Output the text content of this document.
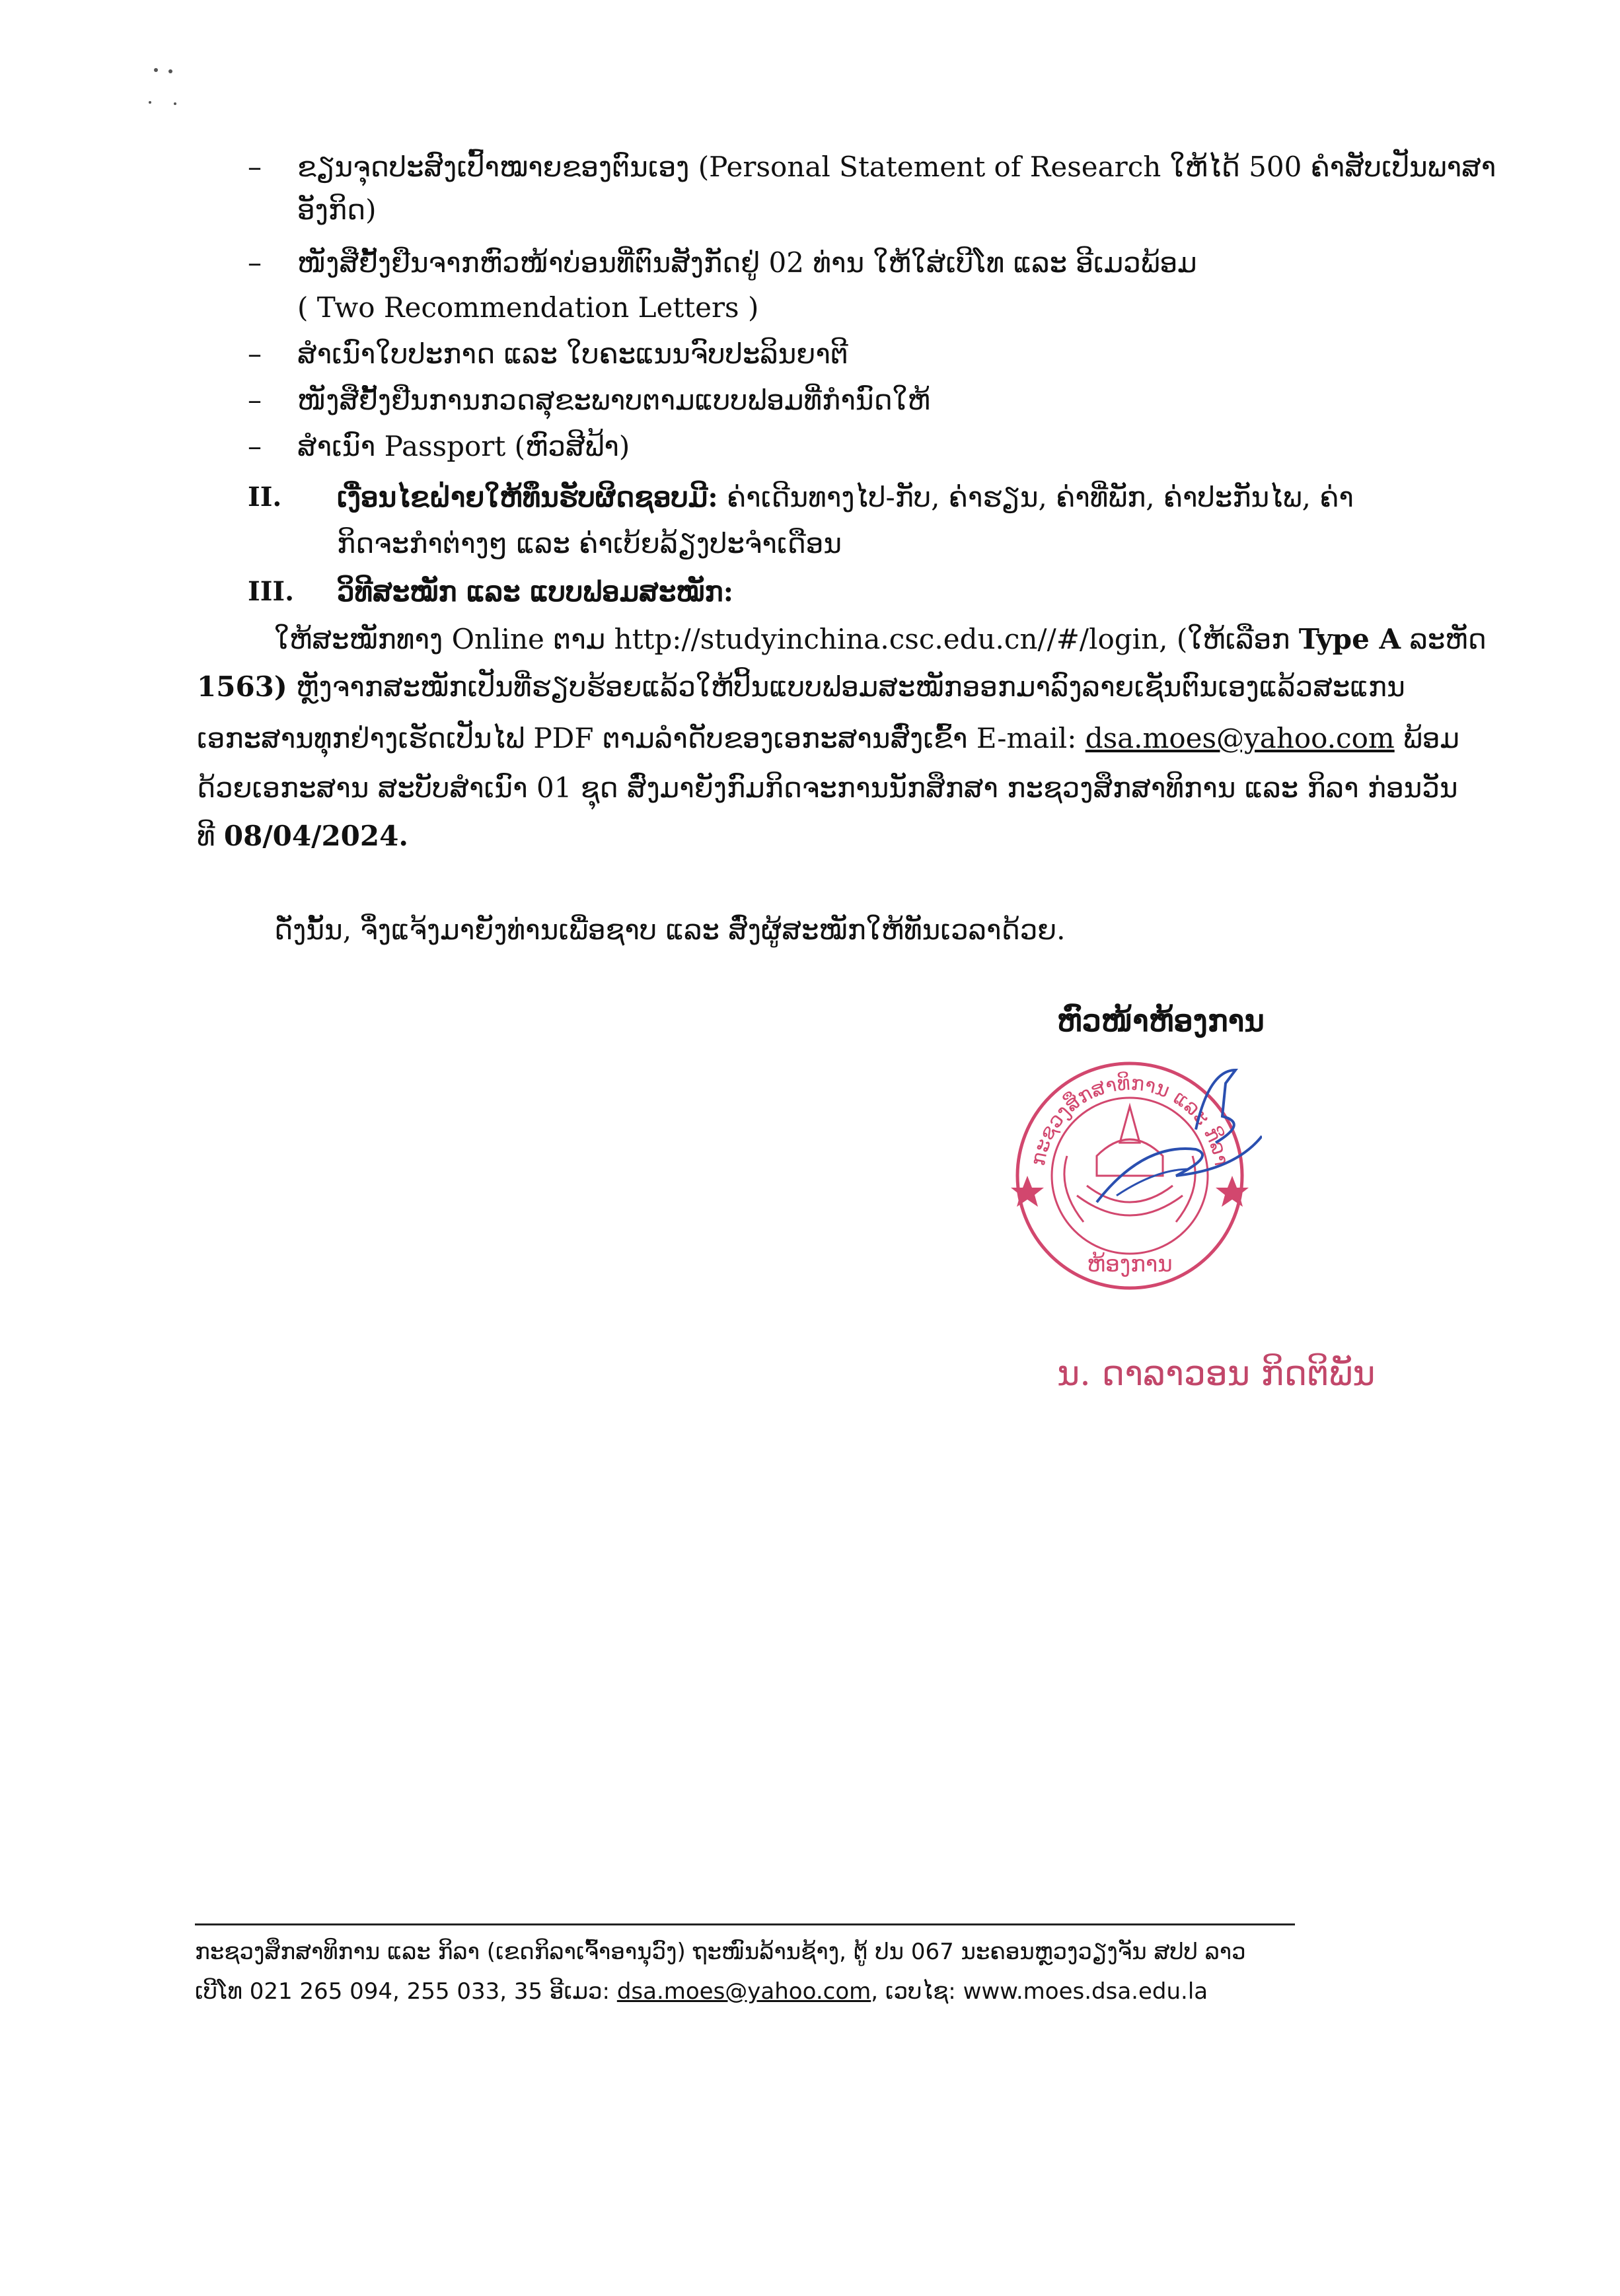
– ຂຽນຈຸດປະສົງເປົ້າໝາຍຂອງຕົນເອງ (Personal Statement of Research ໃຫ້ໄດ້ 500 ຄໍາສັບເປັນພາສາ
ອັງກິດ)
– ໜັງສືຢັ້ງຢືນຈາກຫົວໜ້າບ່ອນທີ່ຕົນສັງກັດຢູ່ 02 ທ່ານ ໃຫ້ໃສ່ເບີໂທ ແລະ ອີເມວພ້ອມ
( Two Recommendation Letters )
– ສໍາເນົາໃບປະກາດ ແລະ ໃບຄະແນນຈົບປະລິນຍາຕີ
– ໜັງສືຢັ້ງຢືນການກວດສຸຂະພາບຕາມແບບຟອມທີ່ກໍານົດໃຫ້
– ສໍາເນົາ Passport (ຫົວສີຟ້າ)
II. ເງື່ອນໄຂຝ່າຍໃຫ້ທຶນຮັບຜິດຊອບມີ: ຄ່າເດີນທາງໄປ-ກັບ, ຄ່າຮຽນ, ຄ່າທີ່ພັກ, ຄ່າປະກັນໄພ, ຄ່າ
ກິດຈະກໍາຕ່າງໆ ແລະ ຄ່າເບ້ຍລ້ຽງປະຈໍາເດືອນ
III. ວິທີສະໝັກ ແລະ ແບບຟອມສະໝັກ:
ໃຫ້ສະໝັກທາງ Online ຕາມ http://studyinchina.csc.edu.cn//#/login, (ໃຫ້ເລືອກ Type A ລະຫັດ
1563) ຫຼັງຈາກສະໝັກເປັນທີ່ຮຽບຮ້ອຍແລ້ວໃຫ້ປິ້ນແບບຟອມສະໝັກອອກມາລົງລາຍເຊັນຕົນເອງແລ້ວສະແກນ
ເອກະສານທຸກຢ່າງເຮັດເປັນໄຟ PDF ຕາມລໍາດັບຂອງເອກະສານສົ່ງເຂົ້າ E-mail: dsa.moes@yahoo.com ພ້ອມ
ດ້ວຍເອກະສານ ສະບັບສໍາເນົາ 01 ຊຸດ ສົ່ງມາຍັງກົມກິດຈະການນັກສຶກສາ ກະຊວງສຶກສາທິການ ແລະ ກິລາ ກ່ອນວັນ
ທີ 08/04/2024.
ດັ່ງນັ້ນ, ຈຶ່ງແຈ້ງມາຍັງທ່ານເພື່ອຊາບ ແລະ ສົ່ງຜູ້ສະໝັກໃຫ້ທັນເວລາດ້ວຍ.
ຫົວໜ້າຫ້ອງການ
ກະຊວງສຶກສາທິການ ແລະ ກິລາ
ຫ້ອງການ
ນ. ດາລາວອນ ກິດຕິພັນ
ກະຊວງສຶກສາທິການ ແລະ ກິລາ (ເຂດກິລາເຈົ້າອານຸວົງ) ຖະໜົນລ້ານຊ້າງ, ຕູ້ ປນ 067 ນະຄອນຫຼວງວຽງຈັນ ສປປ ລາວ
ເບີໂທ 021 265 094, 255 033, 35 ອີເມວ: dsa.moes@yahoo.com, ເວບໄຊ: www.moes.dsa.edu.la
